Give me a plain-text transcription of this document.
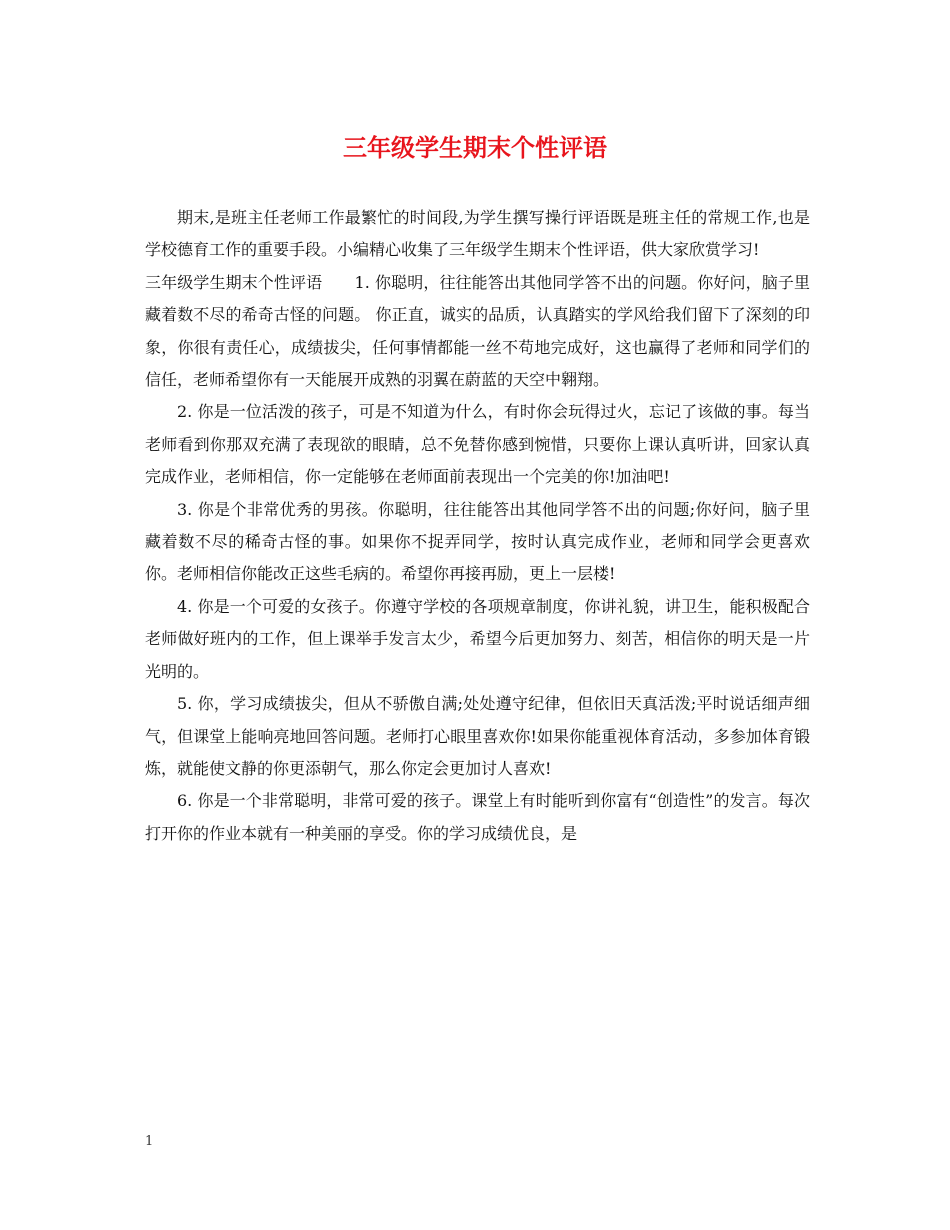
三年级学生期末个性评语

期末,是班主任老师工作最繁忙的时间段,为学生撰写操行评语既是班主任的常规工作,也是学校德育工作的重要手段。小编精心收集了三年级学生期末个性评语，供大家欣赏学习!

三年级学生期末个性评语　　1. 你聪明，往往能答出其他同学答不出的问题。你好问，脑子里藏着数不尽的希奇古怪的问题。 你正直，诚实的品质，认真踏实的学风给我们留下了深刻的印象，你很有责任心，成绩拔尖，任何事情都能一丝不苟地完成好，这也赢得了老师和同学们的信任，老师希望你有一天能展开成熟的羽翼在蔚蓝的天空中翱翔。

2. 你是一位活泼的孩子，可是不知道为什么，有时你会玩得过火，忘记了该做的事。每当老师看到你那双充满了表现欲的眼睛，总不免替你感到惋惜，只要你上课认真听讲，回家认真完成作业，老师相信，你一定能够在老师面前表现出一个完美的你!加油吧!

3. 你是个非常优秀的男孩。你聪明，往往能答出其他同学答不出的问题;你好问，脑子里藏着数不尽的稀奇古怪的事。如果你不捉弄同学，按时认真完成作业，老师和同学会更喜欢你。老师相信你能改正这些毛病的。希望你再接再励，更上一层楼!

4. 你是一个可爱的女孩子。你遵守学校的各项规章制度，你讲礼貌，讲卫生，能积极配合老师做好班内的工作，但上课举手发言太少，希望今后更加努力、刻苦，相信你的明天是一片光明的。

5. 你，学习成绩拔尖，但从不骄傲自满;处处遵守纪律，但依旧天真活泼;平时说话细声细气，但课堂上能响亮地回答问题。老师打心眼里喜欢你!如果你能重视体育活动，多参加体育锻炼，就能使文静的你更添朝气，那么你定会更加讨人喜欢!

6. 你是一个非常聪明，非常可爱的孩子。课堂上有时能听到你富有“创造性”的发言。每次打开你的作业本就有一种美丽的享受。你的学习成绩优良，是

1
